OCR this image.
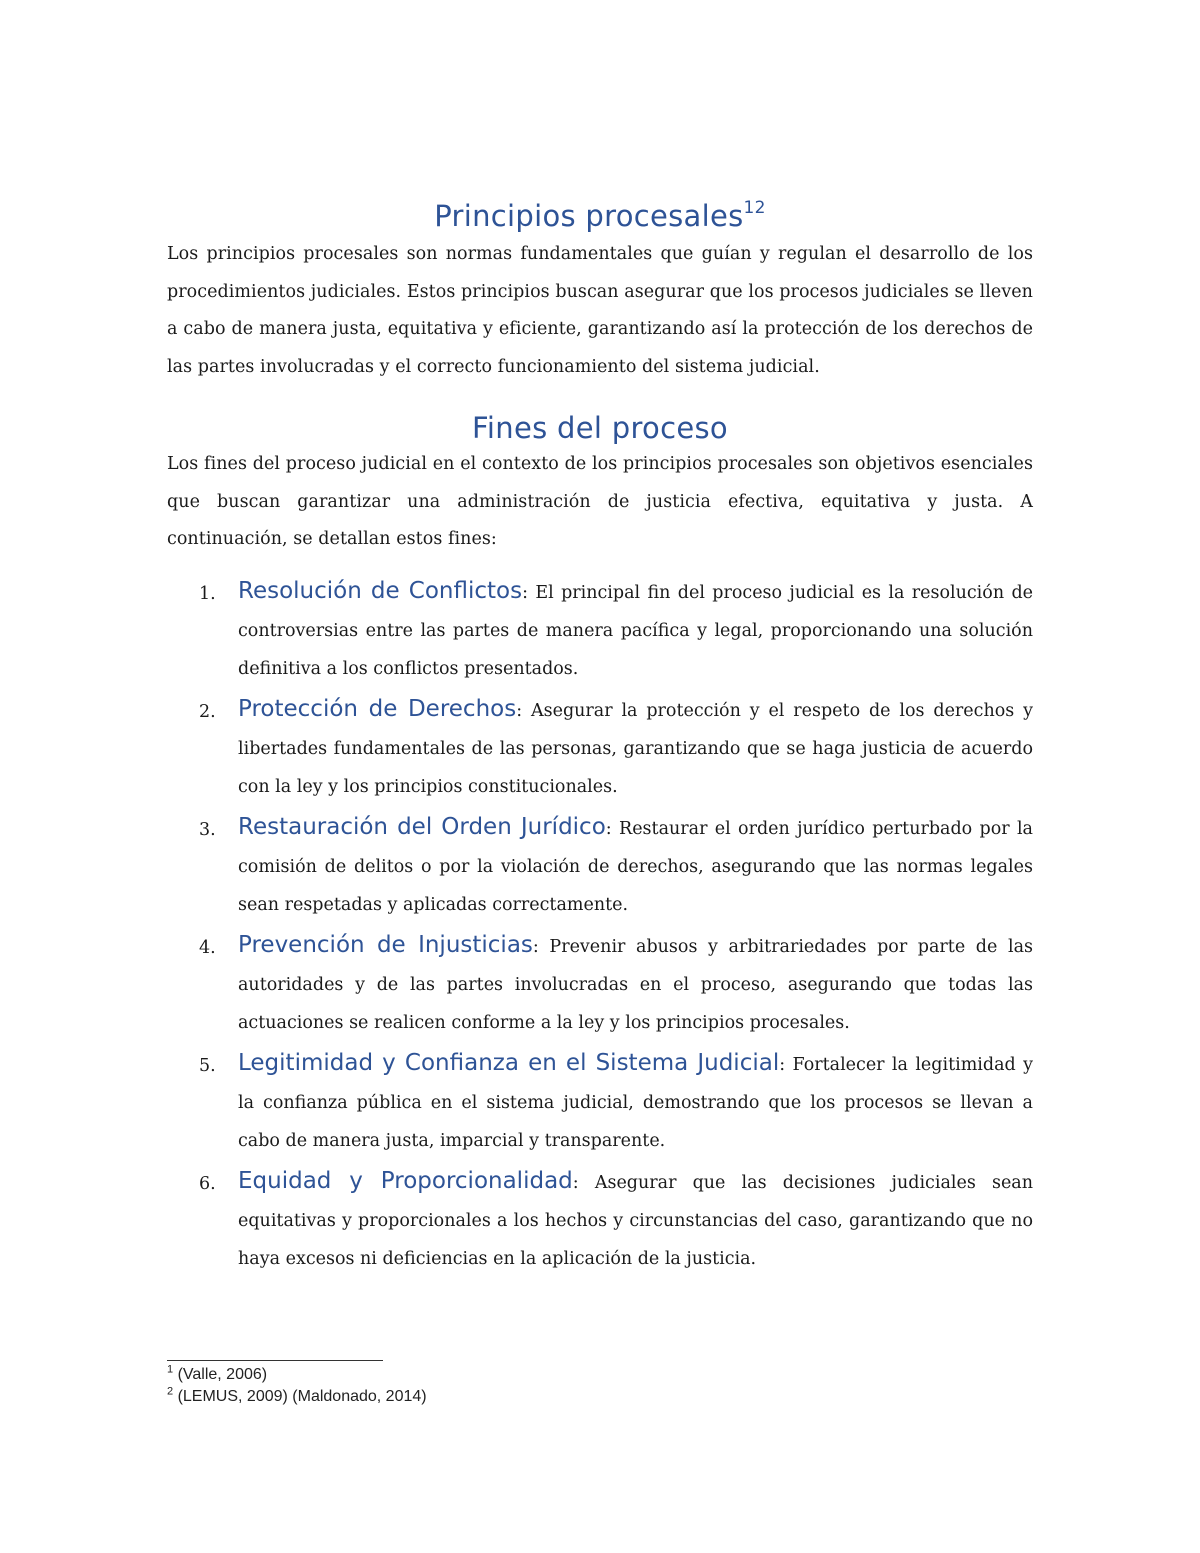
Principios procesales$^{12}$

Los principios procesales son normas fundamentales que guían y regulan el desarrollo de los procedimientos judiciales. Estos principios buscan asegurar que los procesos judiciales se lleven a cabo de manera justa, equitativa y eficiente, garantizando así la protección de los derechos de las partes involucradas y el correcto funcionamiento del sistema judicial.

Fines del proceso

Los fines del proceso judicial en el contexto de los principios procesales son objetivos esenciales que buscan garantizar una administración de justicia efectiva, equitativa y justa. A continuación, se detallan estos fines:

1. Resolución de Conflictos: El principal fin del proceso judicial es la resolución de controversias entre las partes de manera pacífica y legal, proporcionando una solución definitiva a los conflictos presentados.
2. Protección de Derechos: Asegurar la protección y el respeto de los derechos y libertades fundamentales de las personas, garantizando que se haga justicia de acuerdo con la ley y los principios constitucionales.
3. Restauración del Orden Jurídico: Restaurar el orden jurídico perturbado por la comisión de delitos o por la violación de derechos, asegurando que las normas legales sean respetadas y aplicadas correctamente.
4. Prevención de Injusticias: Prevenir abusos y arbitrariedades por parte de las autoridades y de las partes involucradas en el proceso, asegurando que todas las actuaciones se realicen conforme a la ley y los principios procesales.
5. Legitimidad y Confianza en el Sistema Judicial: Fortalecer la legitimidad y la confianza pública en el sistema judicial, demostrando que los procesos se llevan a cabo de manera justa, imparcial y transparente.
6. Equidad y Proporcionalidad: Asegurar que las decisiones judiciales sean equitativas y proporcionales a los hechos y circunstancias del caso, garantizando que no haya excesos ni deficiencias en la aplicación de la justicia.
$^1$ (Valle, 2006)
$^2$ (LEMUS, 2009) (Maldonado, 2014)
